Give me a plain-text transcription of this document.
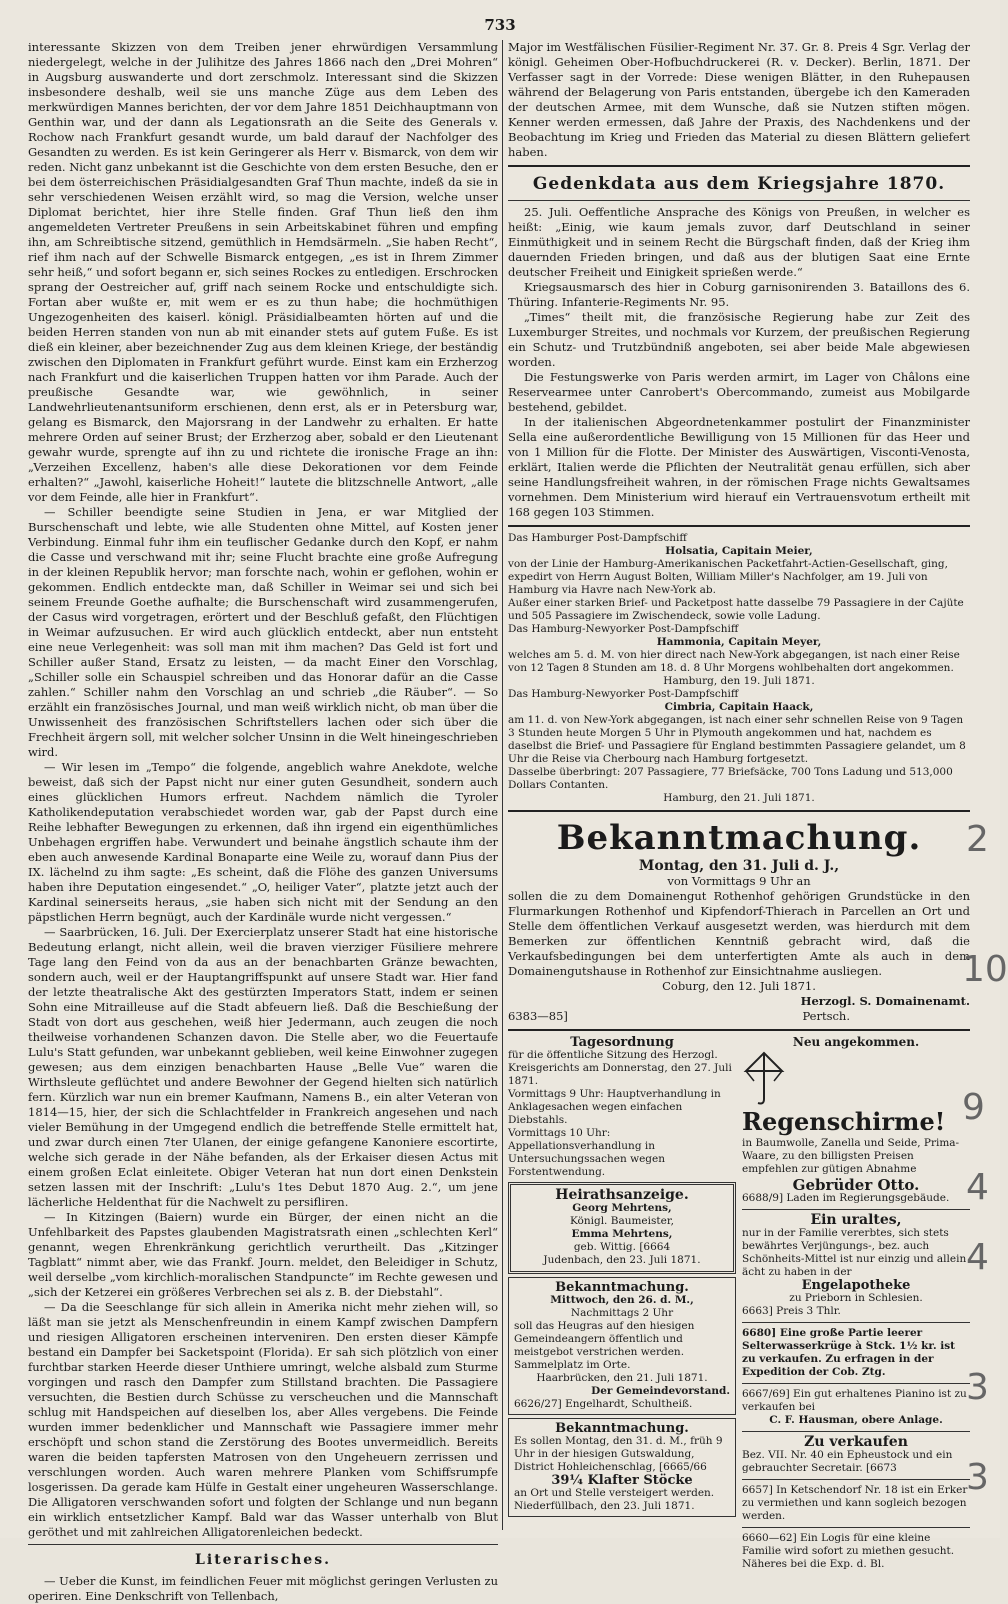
733

interessante Skizzen von dem Treiben jener ehrwürdigen Versammlung niedergelegt, welche in der Julihitze des Jahres 1866 nach den „Drei Mohren“ in Augsburg auswanderte und dort zerschmolz. Interessant sind die Skizzen insbesondere deshalb, weil sie uns manche Züge aus dem Leben des merkwürdigen Mannes berichten, der vor dem Jahre 1851 Deichhauptmann von Genthin war, und der dann als Legationsrath an die Seite des Generals v. Rochow nach Frankfurt gesandt wurde, um bald darauf der Nachfolger des Gesandten zu werden. Es ist kein Geringerer als Herr v. Bismarck, von dem wir reden. Nicht ganz unbekannt ist die Geschichte von dem ersten Besuche, den er bei dem österreichischen Präsidialgesandten Graf Thun machte, indeß da sie in sehr verschiedenen Weisen erzählt wird, so mag die Version, welche unser Diplomat berichtet, hier ihre Stelle finden. Graf Thun ließ den ihm angemeldeten Vertreter Preußens in sein Arbeitskabinet führen und empfing ihn, am Schreibtische sitzend, gemüthlich in Hemdsärmeln. „Sie haben Recht“, rief ihm nach auf der Schwelle Bismarck entgegen, „es ist in Ihrem Zimmer sehr heiß,“ und sofort begann er, sich seines Rockes zu entledigen. Erschrocken sprang der Oestreicher auf, griff nach seinem Rocke und entschuldigte sich. Fortan aber wußte er, mit wem er es zu thun habe; die hochmüthigen Ungezogenheiten des kaiserl. königl. Präsidialbeamten hörten auf und die beiden Herren standen von nun ab mit einander stets auf gutem Fuße. Es ist dieß ein kleiner, aber bezeichnender Zug aus dem kleinen Kriege, der beständig zwischen den Diplomaten in Frankfurt geführt wurde. Einst kam ein Erzherzog nach Frankfurt und die kaiserlichen Truppen hatten vor ihm Parade. Auch der preußische Gesandte war, wie gewöhnlich, in seiner Landwehrlieutenantsuniform erschienen, denn erst, als er in Petersburg war, gelang es Bismarck, den Majorsrang in der Landwehr zu erhalten. Er hatte mehrere Orden auf seiner Brust; der Erzherzog aber, sobald er den Lieutenant gewahr wurde, sprengte auf ihn zu und richtete die ironische Frage an ihn: „Verzeihen Excellenz, haben's alle diese Dekorationen vor dem Feinde erhalten?“ „Jawohl, kaiserliche Hoheit!“ lautete die blitzschnelle Antwort, „alle vor dem Feinde, alle hier in Frankfurt“.

— Schiller beendigte seine Studien in Jena, er war Mitglied der Burschenschaft und lebte, wie alle Studenten ohne Mittel, auf Kosten jener Verbindung. Einmal fuhr ihm ein teuflischer Gedanke durch den Kopf, er nahm die Casse und verschwand mit ihr; seine Flucht brachte eine große Aufregung in der kleinen Republik hervor; man forschte nach, wohin er geflohen, wohin er gekommen. Endlich entdeckte man, daß Schiller in Weimar sei und sich bei seinem Freunde Goethe aufhalte; die Burschenschaft wird zusammengerufen, der Casus wird vorgetragen, erörtert und der Beschluß gefaßt, den Flüchtigen in Weimar aufzusuchen. Er wird auch glücklich entdeckt, aber nun entsteht eine neue Verlegenheit: was soll man mit ihm machen? Das Geld ist fort und Schiller außer Stand, Ersatz zu leisten, — da macht Einer den Vorschlag, „Schiller solle ein Schauspiel schreiben und das Honorar dafür an die Casse zahlen.“ Schiller nahm den Vorschlag an und schrieb „die Räuber“. — So erzählt ein französisches Journal, und man weiß wirklich nicht, ob man über die Unwissenheit des französischen Schriftstellers lachen oder sich über die Frechheit ärgern soll, mit welcher solcher Unsinn in die Welt hineingeschrieben wird.

— Wir lesen im „Tempo“ die folgende, angeblich wahre Anekdote, welche beweist, daß sich der Papst nicht nur einer guten Gesundheit, sondern auch eines glücklichen Humors erfreut. Nachdem nämlich die Tyroler Katholikendeputation verabschiedet worden war, gab der Papst durch eine Reihe lebhafter Bewegungen zu erkennen, daß ihn irgend ein eigenthümliches Unbehagen ergriffen habe. Verwundert und beinahe ängstlich schaute ihm der eben auch anwesende Kardinal Bonaparte eine Weile zu, worauf dann Pius der IX. lächelnd zu ihm sagte: „Es scheint, daß die Flöhe des ganzen Universums haben ihre Deputation eingesendet.“ „O, heiliger Vater“, platzte jetzt auch der Kardinal seinerseits heraus, „sie haben sich nicht mit der Sendung an den päpstlichen Herrn begnügt, auch der Kardinäle wurde nicht vergessen.“

— Saarbrücken, 16. Juli. Der Exercierplatz unserer Stadt hat eine historische Bedeutung erlangt, nicht allein, weil die braven vierziger Füsiliere mehrere Tage lang den Feind von da aus an der benachbarten Gränze bewachten, sondern auch, weil er der Hauptangriffspunkt auf unsere Stadt war. Hier fand der letzte theatralische Akt des gestürzten Imperators Statt, indem er seinen Sohn eine Mitrailleuse auf die Stadt abfeuern ließ. Daß die Beschießung der Stadt von dort aus geschehen, weiß hier Jedermann, auch zeugen die noch theilweise vorhandenen Schanzen davon. Die Stelle aber, wo die Feuertaufe Lulu's Statt gefunden, war unbekannt geblieben, weil keine Einwohner zugegen gewesen; aus dem einzigen benachbarten Hause „Belle Vue“ waren die Wirthsleute geflüchtet und andere Bewohner der Gegend hielten sich natürlich fern. Kürzlich war nun ein bremer Kaufmann, Namens B., ein alter Veteran von 1814—15, hier, der sich die Schlachtfelder in Frankreich angesehen und nach vieler Bemühung in der Umgegend endlich die betreffende Stelle ermittelt hat, und zwar durch einen 7ter Ulanen, der einige gefangene Kanoniere escortirte, welche sich gerade in der Nähe befanden, als der Erkaiser diesen Actus mit einem großen Eclat einleitete. Obiger Veteran hat nun dort einen Denkstein setzen lassen mit der Inschrift: „Lulu's 1tes Debut 1870 Aug. 2.“, um jene lächerliche Heldenthat für die Nachwelt zu persifliren.

— In Kitzingen (Baiern) wurde ein Bürger, der einen nicht an die Unfehlbarkeit des Papstes glaubenden Magistratsrath einen „schlechten Kerl“ genannt, wegen Ehrenkränkung gerichtlich verurtheilt. Das „Kitzinger Tagblatt“ nimmt aber, wie das Frankf. Journ. meldet, den Beleidiger in Schutz, weil derselbe „vom kirchlich-moralischen Standpuncte“ im Rechte gewesen und „sich der Ketzerei ein größeres Verbrechen sei als z. B. der Diebstahl“.

— Da die Seeschlange für sich allein in Amerika nicht mehr ziehen will, so läßt man sie jetzt als Menschenfreundin in einem Kampf zwischen Dampfern und riesigen Alligatoren erscheinen interveniren. Den ersten dieser Kämpfe bestand ein Dampfer bei Sacketspoint (Florida). Er sah sich plötzlich von einer furchtbar starken Heerde dieser Unthiere umringt, welche alsbald zum Sturme vorgingen und rasch den Dampfer zum Stillstand brachten. Die Passagiere versuchten, die Bestien durch Schüsse zu verscheuchen und die Mannschaft schlug mit Handspeichen auf dieselben los, aber Alles vergebens. Die Feinde wurden immer bedenklicher und Mannschaft wie Passagiere immer mehr erschöpft und schon stand die Zerstörung des Bootes unvermeidlich. Bereits waren die beiden tapfersten Matrosen von den Ungeheuern zerrissen und verschlungen worden. Auch waren mehrere Planken vom Schiffsrumpfe losgerissen. Da gerade kam Hülfe in Gestalt einer ungeheuren Wasserschlange. Die Alligatoren verschwanden sofort und folgten der Schlange und nun begann ein wirklich entsetzlicher Kampf. Bald war das Wasser unterhalb von Blut geröthet und mit zahlreichen Alligatorenleichen bedeckt.

Literarisches.

— Ueber die Kunst, im feindlichen Feuer mit möglichst geringen Verlusten zu operiren. Eine Denkschrift von Tellenbach,

Major im Westfälischen Füsilier-Regiment Nr. 37. Gr. 8. Preis 4 Sgr. Verlag der königl. Geheimen Ober-Hofbuchdruckerei (R. v. Decker). Berlin, 1871. Der Verfasser sagt in der Vorrede: Diese wenigen Blätter, in den Ruhepausen während der Belagerung von Paris entstanden, übergebe ich den Kameraden der deutschen Armee, mit dem Wunsche, daß sie Nutzen stiften mögen. Kenner werden ermessen, daß Jahre der Praxis, des Nachdenkens und der Beobachtung im Krieg und Frieden das Material zu diesen Blättern geliefert haben.

Gedenkdata aus dem Kriegsjahre 1870.

25. Juli. Oeffentliche Ansprache des Königs von Preußen, in welcher es heißt: „Einig, wie kaum jemals zuvor, darf Deutschland in seiner Einmüthigkeit und in seinem Recht die Bürgschaft finden, daß der Krieg ihm dauernden Frieden bringen, und daß aus der blutigen Saat eine Ernte deutscher Freiheit und Einigkeit sprießen werde.“

Kriegsausmarsch des hier in Coburg garnisonirenden 3. Bataillons des 6. Thüring. Infanterie-Regiments Nr. 95.

„Times“ theilt mit, die französische Regierung habe zur Zeit des Luxemburger Streites, und nochmals vor Kurzem, der preußischen Regierung ein Schutz- und Trutzbündniß angeboten, sei aber beide Male abgewiesen worden.

Die Festungswerke von Paris werden armirt, im Lager von Châlons eine Reservearmee unter Canrobert's Obercommando, zumeist aus Mobilgarde bestehend, gebildet.

In der italienischen Abgeordnetenkammer postulirt der Finanzminister Sella eine außerordentliche Bewilligung von 15 Millionen für das Heer und von 1 Million für die Flotte. Der Minister des Auswärtigen, Visconti-Venosta, erklärt, Italien werde die Pflichten der Neutralität genau erfüllen, sich aber seine Handlungsfreiheit wahren, in der römischen Frage nichts Gewaltsames vornehmen. Dem Ministerium wird hierauf ein Vertrauensvotum ertheilt mit 168 gegen 103 Stimmen.

Das Hamburger Post-Dampfschiff

Holsatia, Capitain Meier,

von der Linie der Hamburg-Amerikanischen Packetfahrt-Actien-Gesellschaft, ging, expedirt von Herrn August Bolten, William Miller's Nachfolger, am 19. Juli von Hamburg via Havre nach New-York ab.

Außer einer starken Brief- und Packetpost hatte dasselbe 79 Passagiere in der Cajüte und 505 Passagiere im Zwischendeck, sowie volle Ladung.

Das Hamburg-Newyorker Post-Dampfschiff

Hammonia, Capitain Meyer,

welches am 5. d. M. von hier direct nach New-York abgegangen, ist nach einer Reise von 12 Tagen 8 Stunden am 18. d. 8 Uhr Morgens wohlbehalten dort angekommen.

Hamburg, den 19. Juli 1871.

Das Hamburg-Newyorker Post-Dampfschiff

Cimbria, Capitain Haack,

am 11. d. von New-York abgegangen, ist nach einer sehr schnellen Reise von 9 Tagen 3 Stunden heute Morgen 5 Uhr in Plymouth angekommen und hat, nachdem es daselbst die Brief- und Passagiere für England bestimmten Passagiere gelandet, um 8 Uhr die Reise via Cherbourg nach Hamburg fortgesetzt.

Dasselbe überbringt: 207 Passagiere, 77 Briefsäcke, 700 Tons Ladung und 513,000 Dollars Contanten.

Hamburg, den 21. Juli 1871.

Bekanntmachung.
Montag, den 31. Juli d. J.,
von Vormittags 9 Uhr an

sollen die zu dem Domainengut Rothenhof gehörigen Grundstücke in den Flurmarkungen Rothenhof und Kipfendorf-Thierach in Parcellen an Ort und Stelle dem öffentlichen Verkauf ausgesetzt werden, was hierdurch mit dem Bemerken zur öffentlichen Kenntniß gebracht wird, daß die Verkaufsbedingungen bei dem unterfertigten Amte als auch in dem Domainengutshause in Rothenhof zur Einsichtnahme ausliegen.

Coburg, den 12. Juli 1871.
Herzogl. S. Domainenamt.
6383—85]	Pertsch.

Tagesordnung

für die öffentliche Sitzung des Herzogl. Kreisgerichts am Donnerstag, den 27. Juli 1871.

Vormittags 9 Uhr: Hauptverhandlung in Anklagesachen wegen einfachen Diebstahls.

Vormittags 10 Uhr: Appellationsverhandlung in Untersuchungssachen wegen Forstentwendung.

Heirathsanzeige.

Georg Mehrtens,

Königl. Baumeister,

Emma Mehrtens,

geb. Wittig. [6664

Judenbach, den 23. Juli 1871.

Bekanntmachung.

Mittwoch, den 26. d. M.,

Nachmittags 2 Uhr

soll das Heugras auf den hiesigen Gemeindeangern öffentlich und meistgebot verstrichen werden. Sammelplatz im Orte.

Haarbrücken, den 21. Juli 1871.

Der Gemeindevorstand.

6626/27] Engelhardt, Schultheiß.

Bekanntmachung.

Es sollen Montag, den 31. d. M., früh 9 Uhr in der hiesigen Gutswaldung, District Hohleichenschlag, [6665/66

39¼ Klafter Stöcke

an Ort und Stelle versteigert werden.

Niederfüllbach, den 23. Juli 1871.

Neu angekommen.

Regenschirme!

in Baumwolle, Zanella und Seide, Prima-Waare, zu den billigsten Preisen empfehlen zur gütigen Abnahme

Gebrüder Otto.

6688/9] Laden im Regierungsgebäude.

Ein uraltes,

nur in der Familie vererbtes, sich stets bewährtes Verjüngungs-, bez. auch Schönheits-Mittel ist nur einzig und allein ächt zu haben in der

Engelapotheke

zu Prieborn in Schlesien.

6663] Preis 3 Thlr.

6680] Eine große Partie leerer Selterwasserkrüge à Stck. 1½ kr. ist zu verkaufen. Zu erfragen in der Expedition der Cob. Ztg.

6667/69] Ein gut erhaltenes Pianino ist zu verkaufen bei

C. F. Hausman, obere Anlage.

Zu verkaufen

Bez. VII. Nr. 40 ein Epheustock und ein gebrauchter Secretair. [6673

6657] In Ketschendorf Nr. 18 ist ein Erker zu vermiethen und kann sogleich bezogen werden.

6660—62] Ein Logis für eine kleine Familie wird sofort zu miethen gesucht. Näheres bei die Exp. d. Bl.

2
10
4
9
4
3
3
